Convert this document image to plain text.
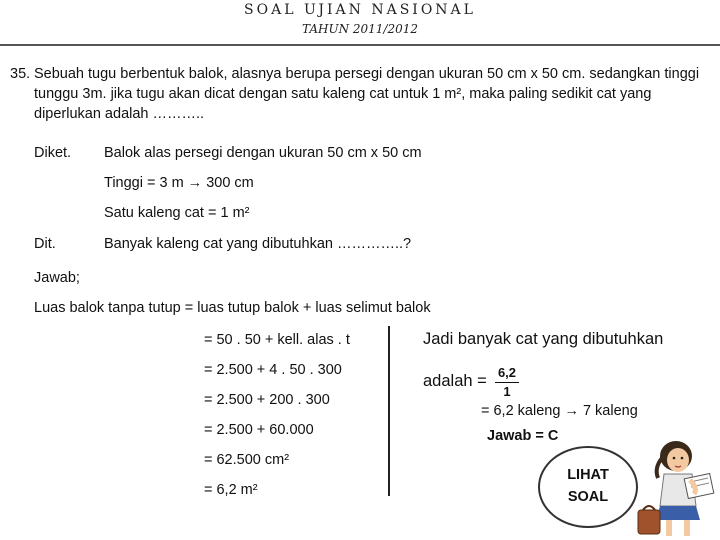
SOAL UJIAN NASIONAL
TAHUN 2011/2012
35. Sebuah tugu berbentuk balok, alasnya berupa persegi dengan ukuran 50 cm x 50 cm. sedangkan tinggi tunggu 3m. jika tugu akan dicat dengan satu kaleng cat untuk 1 m², maka paling sedikit cat yang diperlukan adalah ………..
Diket. Balok alas persegi dengan ukuran 50 cm x 50 cm
Tinggi = 3 m → 300 cm
Satu kaleng cat = 1 m²
Dit.	Banyak kaleng cat yang dibutuhkan …………..?
Jawab;
Luas balok tanpa tutup = luas tutup balok + luas selimut balok
= 50 . 50 + kell. alas . t
= 2.500 + 4 . 50 . 300
= 2.500 + 200 . 300
= 2.500 + 60.000
= 62.500 cm²
= 6,2 m²
Jadi banyak cat yang dibutuhkan
adalah = 6,2
1
= 6,2 kaleng → 7 kaleng
Jawab = C
LIHAT
SOAL
